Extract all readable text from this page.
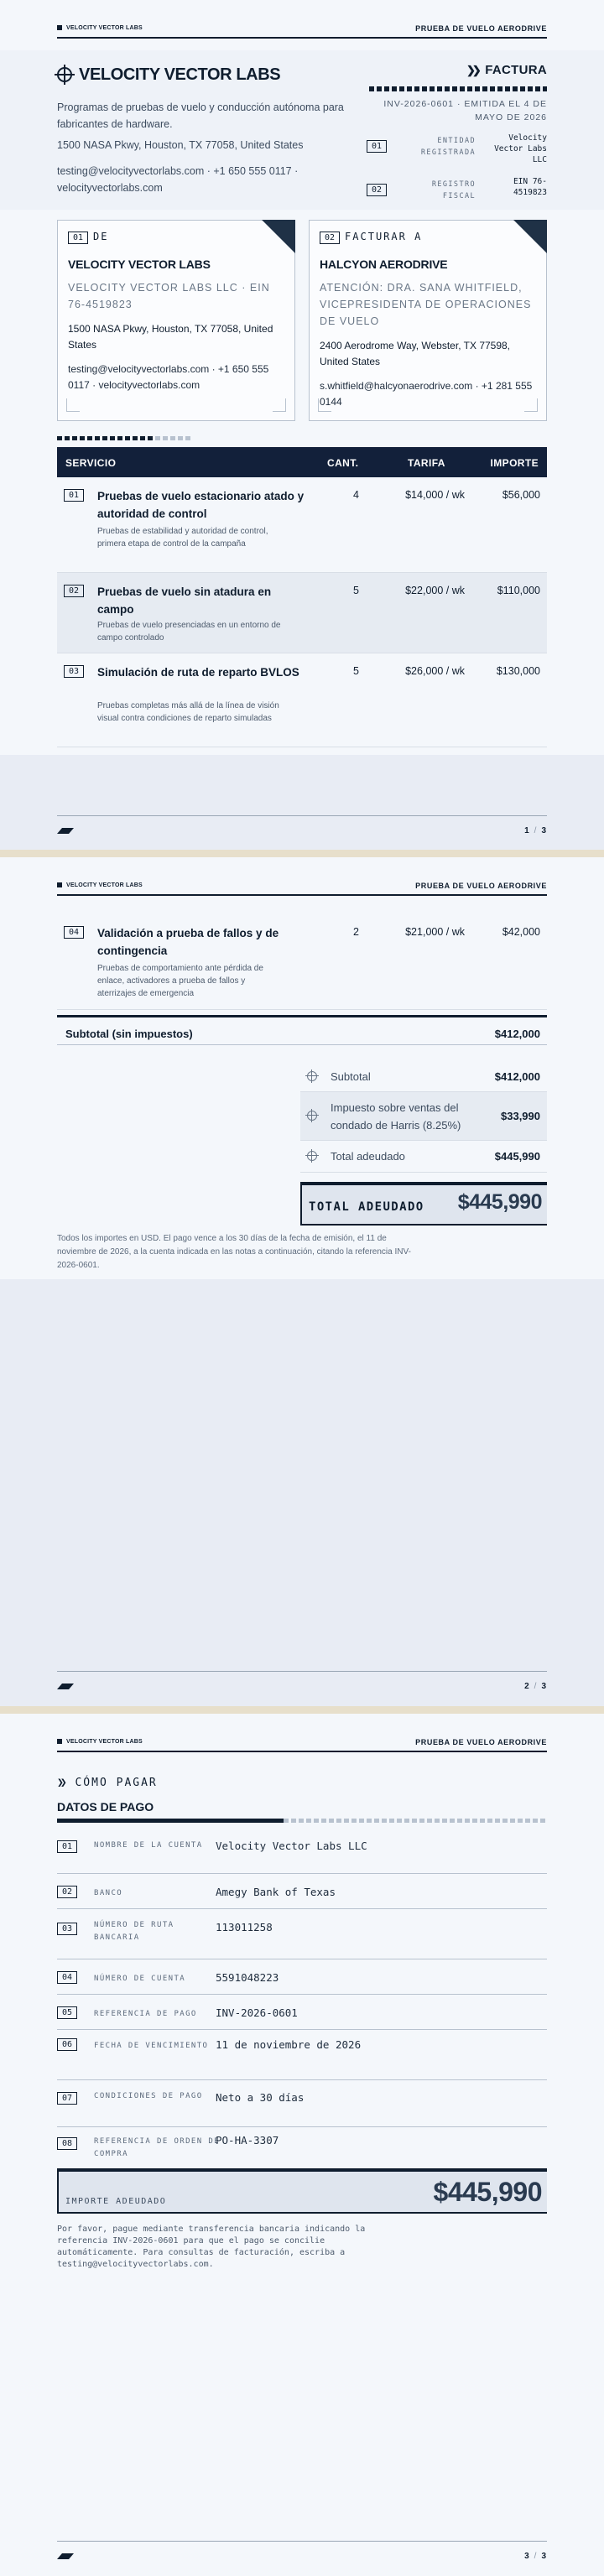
VELOCITY VECTOR LABS	PRUEBA DE VUELO AERODRIVE
VELOCITY VECTOR LABS
Programas de pruebas de vuelo y conducción autónoma para fabricantes de hardware.
1500 NASA Pkwy, Houston, TX 77058, United States
testing@velocityvectorlabs.com · +1 650 555 0117 · velocityvectorlabs.com
❯❯ FACTURA
INV-2026-0601 · EMITIDA EL 4 DE MAYO DE 2026
01
ENTIDAD REGISTRADA
Velocity Vector Labs LLC
02
REGISTRO FISCAL
EIN 76-4519823
01 DE
VELOCITY VECTOR LABS
VELOCITY VECTOR LABS LLC · EIN 76-4519823
1500 NASA Pkwy, Houston, TX 77058, United States
testing@velocityvectorlabs.com · +1 650 555 0117 · velocityvectorlabs.com
02 FACTURAR A
HALCYON AERODRIVE
ATENCIÓN: DRA. SANA WHITFIELD, VICEPRESIDENTA DE OPERACIONES DE VUELO
2400 Aerodrome Way, Webster, TX 77598, United States
s.whitfield@halcyonaerodrive.com · +1 281 555 0144
SERVICIO	CANT.	TARIFA	IMPORTE
01	Pruebas de vuelo estacionario atado y autoridad de control
Pruebas de estabilidad y autoridad de control, primera etapa de control de la campaña
4	$14,000 / wk	$56,000
02	Pruebas de vuelo sin atadura en campo
Pruebas de vuelo presenciadas en un entorno de campo controlado
5	$22,000 / wk	$110,000
03	Simulación de ruta de reparto BVLOS
Pruebas completas más allá de la línea de visión visual contra condiciones de reparto simuladas
5	$26,000 / wk	$130,000
1 / 3
VELOCITY VECTOR LABS	PRUEBA DE VUELO AERODRIVE
04	Validación a prueba de fallos y de contingencia
Pruebas de comportamiento ante pérdida de enlace, activadores a prueba de fallos y aterrizajes de emergencia
2	$21,000 / wk	$42,000
Subtotal (sin impuestos)	$412,000
Subtotal	$412,000
Impuesto sobre ventas del condado de Harris (8.25%)
$33,990
Total adeudado	$445,990
TOTAL ADEUDADO $445,990
Todos los importes en USD. El pago vence a los 30 días de la fecha de emisión, el 11 de noviembre de 2026, a la cuenta indicada en las notas a continuación, citando la referencia INV-2026-0601.
2 / 3
VELOCITY VECTOR LABS	PRUEBA DE VUELO AERODRIVE
❯❯ CÓMO PAGAR
DATOS DE PAGO
01	NOMBRE DE LA CUENTA	Velocity Vector Labs LLC
02	BANCO	Amegy Bank of Texas
03	NÚMERO DE RUTA BANCARIA
113011258
04	NÚMERO DE CUENTA	5591048223
05	REFERENCIA DE PAGO	INV-2026-0601
06	FECHA DE VENCIMIENTO 11 de noviembre de 2026
07	CONDICIONES DE PAGO	Neto a 30 días
08	REFERENCIA DE ORDEN DE COMPRA
PO-HA-3307
IMPORTE ADEUDADO	$445,990
Por favor, pague mediante transferencia bancaria indicando la referencia INV-2026-0601 para que el pago se concilie automáticamente. Para consultas de facturación, escriba a testing@velocityvectorlabs.com.
3 / 3
